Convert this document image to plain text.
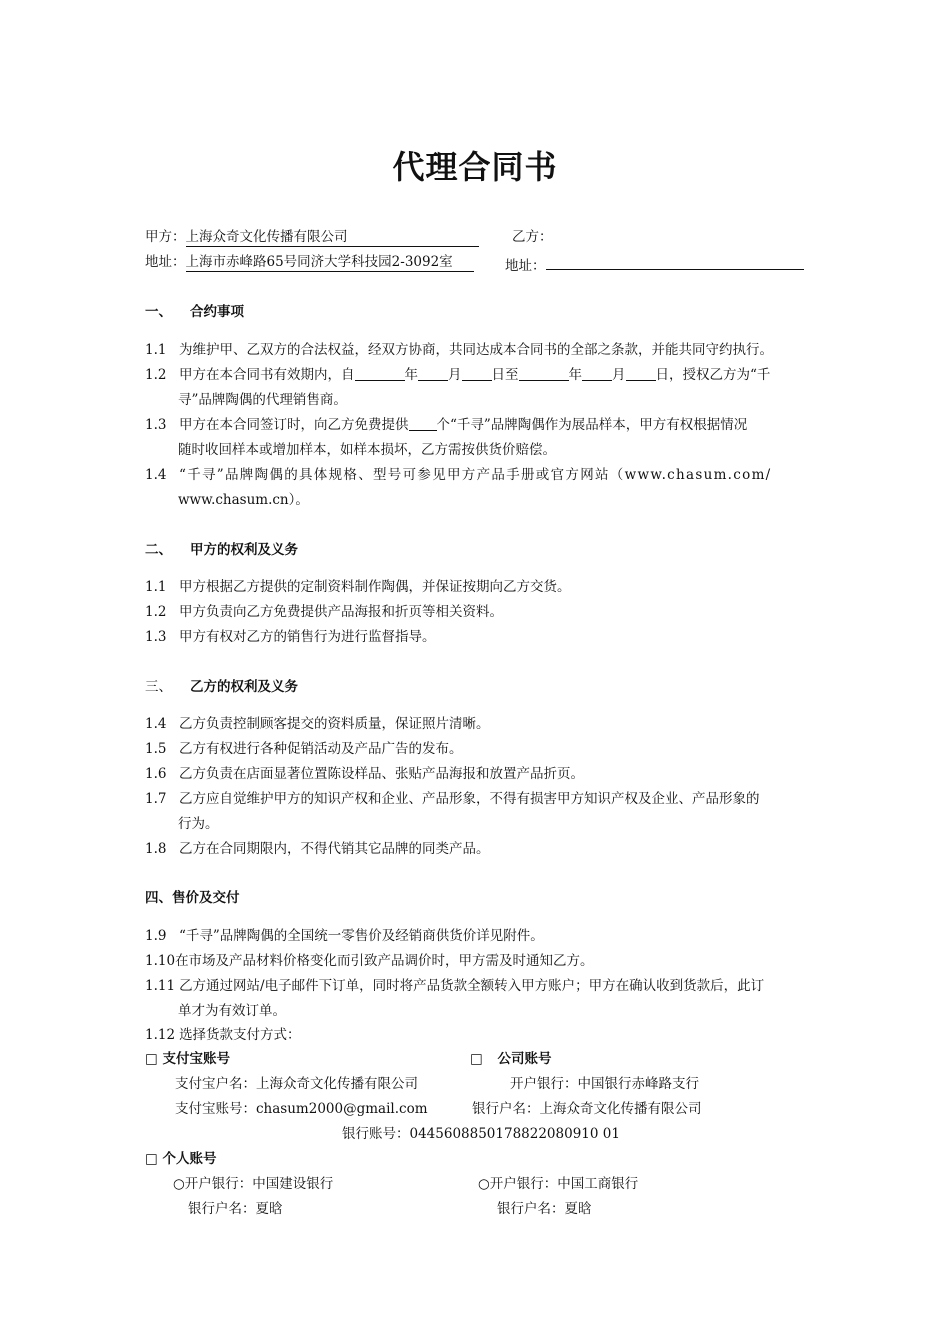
代理合同书
甲方：上海众奇文化传播有限公司	乙方：
地址：上海市赤峰路65号同济大学科技园2-3092室	地址：
一、 合约事项
1.1 为维护甲、乙双方的合法权益，经双方协商，共同达成本合同书的全部之条款，并能共同守约执行。
1.2 甲方在本合同书有效期内，自	年 月 日至	年 月 日，授权乙方为“千
寻”品牌陶偶的代理销售商。
1.3 甲方在本合同签订时，向乙方免费提供 个“千寻”品牌陶偶作为展品样本，甲方有权根据情况
随时收回样本或增加样本，如样本损坏，乙方需按供货价赔偿。
1.4 “千寻”品牌陶偶的具体规格、型号可参见甲方产品手册或官方网站（www.chasum.com/
www.chasum.cn）。
二、 甲方的权利及义务
1.1 甲方根据乙方提供的定制资料制作陶偶，并保证按期向乙方交货。
1.2 甲方负责向乙方免费提供产品海报和折页等相关资料。
1.3 甲方有权对乙方的销售行为进行监督指导。
三、 乙方的权利及义务
1.4 乙方负责控制顾客提交的资料质量，保证照片清晰。
1.5 乙方有权进行各种促销活动及产品广告的发布。
1.6 乙方负责在店面显著位置陈设样品、张贴产品海报和放置产品折页。
1.7 乙方应自觉维护甲方的知识产权和企业、产品形象，不得有损害甲方知识产权及企业、产品形象的
行为。
1.8 乙方在合同期限内，不得代销其它品牌的同类产品。
四、售价及交付
1.9 “千寻”品牌陶偶的全国统一零售价及经销商供货价详见附件。
1.10在市场及产品材料价格变化而引致产品调价时，甲方需及时通知乙方。
1.11 乙方通过网站/电子邮件下订单，同时将产品货款全额转入甲方账户；甲方在确认收到货款后，此订
单才为有效订单。
1.12 选择货款支付方式：
□ 支付宝账号	□ 公司账号
支付宝户名：上海众奇文化传播有限公司	开户银行：中国银行赤峰路支行
支付宝账号：chasum2000@gmail.com	银行户名：上海众奇文化传播有限公司
银行账号：0445608850178822080910 01
□ 个人账号
○开户银行：中国建设银行	○开户银行：中国工商银行
银行户名：夏晗	银行户名：夏晗
